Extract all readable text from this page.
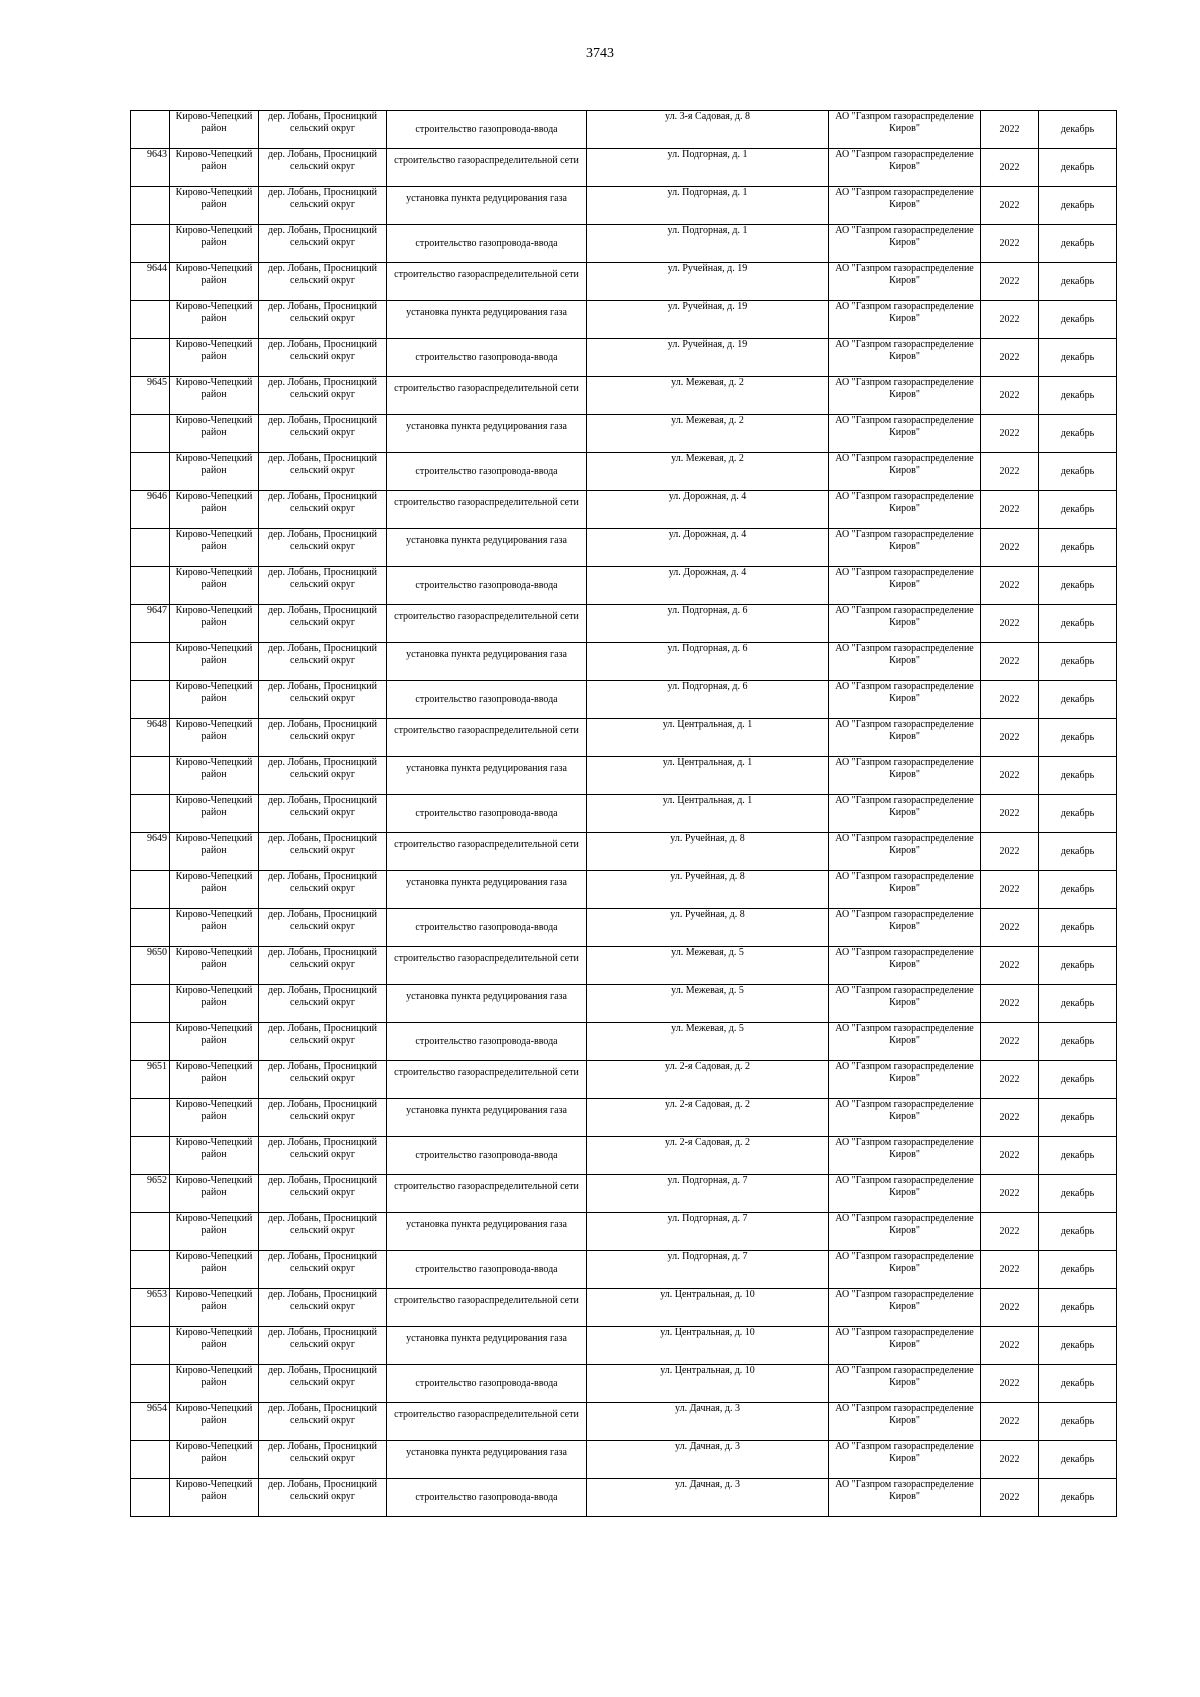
3743
	Кирово-Чепецкий район	дер. Лобань, Просницкий сельский округ	строительство газопровода-ввода	ул. 3-я Садовая, д. 8	АО "Газпром газораспределение Киров"	2022	декабрь
9643	Кирово-Чепецкий район	дер. Лобань, Просницкий сельский округ	строительство газораспределительной сети	ул. Подгорная, д. 1	АО "Газпром газораспределение Киров"	2022	декабрь
	Кирово-Чепецкий район	дер. Лобань, Просницкий сельский округ	установка пункта редуцирования газа	ул. Подгорная, д. 1	АО "Газпром газораспределение Киров"	2022	декабрь
	Кирово-Чепецкий район	дер. Лобань, Просницкий сельский округ	строительство газопровода-ввода	ул. Подгорная, д. 1	АО "Газпром газораспределение Киров"	2022	декабрь
9644	Кирово-Чепецкий район	дер. Лобань, Просницкий сельский округ	строительство газораспределительной сети	ул. Ручейная, д. 19	АО "Газпром газораспределение Киров"	2022	декабрь
	Кирово-Чепецкий район	дер. Лобань, Просницкий сельский округ	установка пункта редуцирования газа	ул. Ручейная, д. 19	АО "Газпром газораспределение Киров"	2022	декабрь
	Кирово-Чепецкий район	дер. Лобань, Просницкий сельский округ	строительство газопровода-ввода	ул. Ручейная, д. 19	АО "Газпром газораспределение Киров"	2022	декабрь
9645	Кирово-Чепецкий район	дер. Лобань, Просницкий сельский округ	строительство газораспределительной сети	ул. Межевая, д. 2	АО "Газпром газораспределение Киров"	2022	декабрь
	Кирово-Чепецкий район	дер. Лобань, Просницкий сельский округ	установка пункта редуцирования газа	ул. Межевая, д. 2	АО "Газпром газораспределение Киров"	2022	декабрь
	Кирово-Чепецкий район	дер. Лобань, Просницкий сельский округ	строительство газопровода-ввода	ул. Межевая, д. 2	АО "Газпром газораспределение Киров"	2022	декабрь
9646	Кирово-Чепецкий район	дер. Лобань, Просницкий сельский округ	строительство газораспределительной сети	ул. Дорожная, д. 4	АО "Газпром газораспределение Киров"	2022	декабрь
	Кирово-Чепецкий район	дер. Лобань, Просницкий сельский округ	установка пункта редуцирования газа	ул. Дорожная, д. 4	АО "Газпром газораспределение Киров"	2022	декабрь
	Кирово-Чепецкий район	дер. Лобань, Просницкий сельский округ	строительство газопровода-ввода	ул. Дорожная, д. 4	АО "Газпром газораспределение Киров"	2022	декабрь
9647	Кирово-Чепецкий район	дер. Лобань, Просницкий сельский округ	строительство газораспределительной сети	ул. Подгорная, д. 6	АО "Газпром газораспределение Киров"	2022	декабрь
	Кирово-Чепецкий район	дер. Лобань, Просницкий сельский округ	установка пункта редуцирования газа	ул. Подгорная, д. 6	АО "Газпром газораспределение Киров"	2022	декабрь
	Кирово-Чепецкий район	дер. Лобань, Просницкий сельский округ	строительство газопровода-ввода	ул. Подгорная, д. 6	АО "Газпром газораспределение Киров"	2022	декабрь
9648	Кирово-Чепецкий район	дер. Лобань, Просницкий сельский округ	строительство газораспределительной сети	ул. Центральная, д. 1	АО "Газпром газораспределение Киров"	2022	декабрь
	Кирово-Чепецкий район	дер. Лобань, Просницкий сельский округ	установка пункта редуцирования газа	ул. Центральная, д. 1	АО "Газпром газораспределение Киров"	2022	декабрь
	Кирово-Чепецкий район	дер. Лобань, Просницкий сельский округ	строительство газопровода-ввода	ул. Центральная, д. 1	АО "Газпром газораспределение Киров"	2022	декабрь
9649	Кирово-Чепецкий район	дер. Лобань, Просницкий сельский округ	строительство газораспределительной сети	ул. Ручейная, д. 8	АО "Газпром газораспределение Киров"	2022	декабрь
	Кирово-Чепецкий район	дер. Лобань, Просницкий сельский округ	установка пункта редуцирования газа	ул. Ручейная, д. 8	АО "Газпром газораспределение Киров"	2022	декабрь
	Кирово-Чепецкий район	дер. Лобань, Просницкий сельский округ	строительство газопровода-ввода	ул. Ручейная, д. 8	АО "Газпром газораспределение Киров"	2022	декабрь
9650	Кирово-Чепецкий район	дер. Лобань, Просницкий сельский округ	строительство газораспределительной сети	ул. Межевая, д. 5	АО "Газпром газораспределение Киров"	2022	декабрь
	Кирово-Чепецкий район	дер. Лобань, Просницкий сельский округ	установка пункта редуцирования газа	ул. Межевая, д. 5	АО "Газпром газораспределение Киров"	2022	декабрь
	Кирово-Чепецкий район	дер. Лобань, Просницкий сельский округ	строительство газопровода-ввода	ул. Межевая, д. 5	АО "Газпром газораспределение Киров"	2022	декабрь
9651	Кирово-Чепецкий район	дер. Лобань, Просницкий сельский округ	строительство газораспределительной сети	ул. 2-я Садовая, д. 2	АО "Газпром газораспределение Киров"	2022	декабрь
	Кирово-Чепецкий район	дер. Лобань, Просницкий сельский округ	установка пункта редуцирования газа	ул. 2-я Садовая, д. 2	АО "Газпром газораспределение Киров"	2022	декабрь
	Кирово-Чепецкий район	дер. Лобань, Просницкий сельский округ	строительство газопровода-ввода	ул. 2-я Садовая, д. 2	АО "Газпром газораспределение Киров"	2022	декабрь
9652	Кирово-Чепецкий район	дер. Лобань, Просницкий сельский округ	строительство газораспределительной сети	ул. Подгорная, д. 7	АО "Газпром газораспределение Киров"	2022	декабрь
	Кирово-Чепецкий район	дер. Лобань, Просницкий сельский округ	установка пункта редуцирования газа	ул. Подгорная, д. 7	АО "Газпром газораспределение Киров"	2022	декабрь
	Кирово-Чепецкий район	дер. Лобань, Просницкий сельский округ	строительство газопровода-ввода	ул. Подгорная, д. 7	АО "Газпром газораспределение Киров"	2022	декабрь
9653	Кирово-Чепецкий район	дер. Лобань, Просницкий сельский округ	строительство газораспределительной сети	ул. Центральная, д. 10	АО "Газпром газораспределение Киров"	2022	декабрь
	Кирово-Чепецкий район	дер. Лобань, Просницкий сельский округ	установка пункта редуцирования газа	ул. Центральная, д. 10	АО "Газпром газораспределение Киров"	2022	декабрь
	Кирово-Чепецкий район	дер. Лобань, Просницкий сельский округ	строительство газопровода-ввода	ул. Центральная, д. 10	АО "Газпром газораспределение Киров"	2022	декабрь
9654	Кирово-Чепецкий район	дер. Лобань, Просницкий сельский округ	строительство газораспределительной сети	ул. Дачная, д. 3	АО "Газпром газораспределение Киров"	2022	декабрь
	Кирово-Чепецкий район	дер. Лобань, Просницкий сельский округ	установка пункта редуцирования газа	ул. Дачная, д. 3	АО "Газпром газораспределение Киров"	2022	декабрь
	Кирово-Чепецкий район	дер. Лобань, Просницкий сельский округ	строительство газопровода-ввода	ул. Дачная, д. 3	АО "Газпром газораспределение Киров"	2022	декабрь
